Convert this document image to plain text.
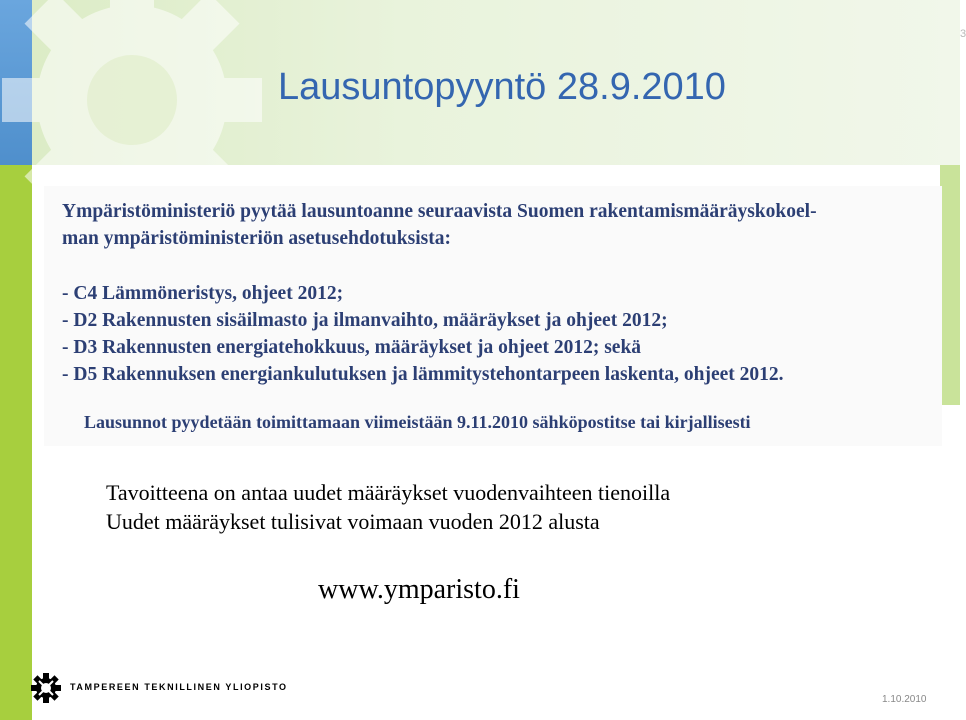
3
Lausuntopyyntö 28.9.2010

Ympäristöministeriö pyytää lausuntoanne seuraavista Suomen rakentamismääräyskokoel-

man ympäristöministeriön asetusehdotuksista:

- C4 Lämmöneristys, ohjeet 2012;

- D2 Rakennusten sisäilmasto ja ilmanvaihto, määräykset ja ohjeet 2012;

- D3 Rakennusten energiatehokkuus, määräykset ja ohjeet 2012; sekä

- D5 Rakennuksen energiankulutuksen ja lämmitystehontarpeen laskenta, ohjeet 2012.

Lausunnot pyydetään toimittamaan viimeistään 9.11.2010 sähköpostitse tai kirjallisesti

Tavoitteena on antaa uudet määräykset vuodenvaihteen tienoilla
Uudet määräykset tulisivat voimaan vuoden 2012 alusta
www.ymparisto.fi
TAMPEREEN TEKNILLINEN YLIOPISTO
1.10.2010
